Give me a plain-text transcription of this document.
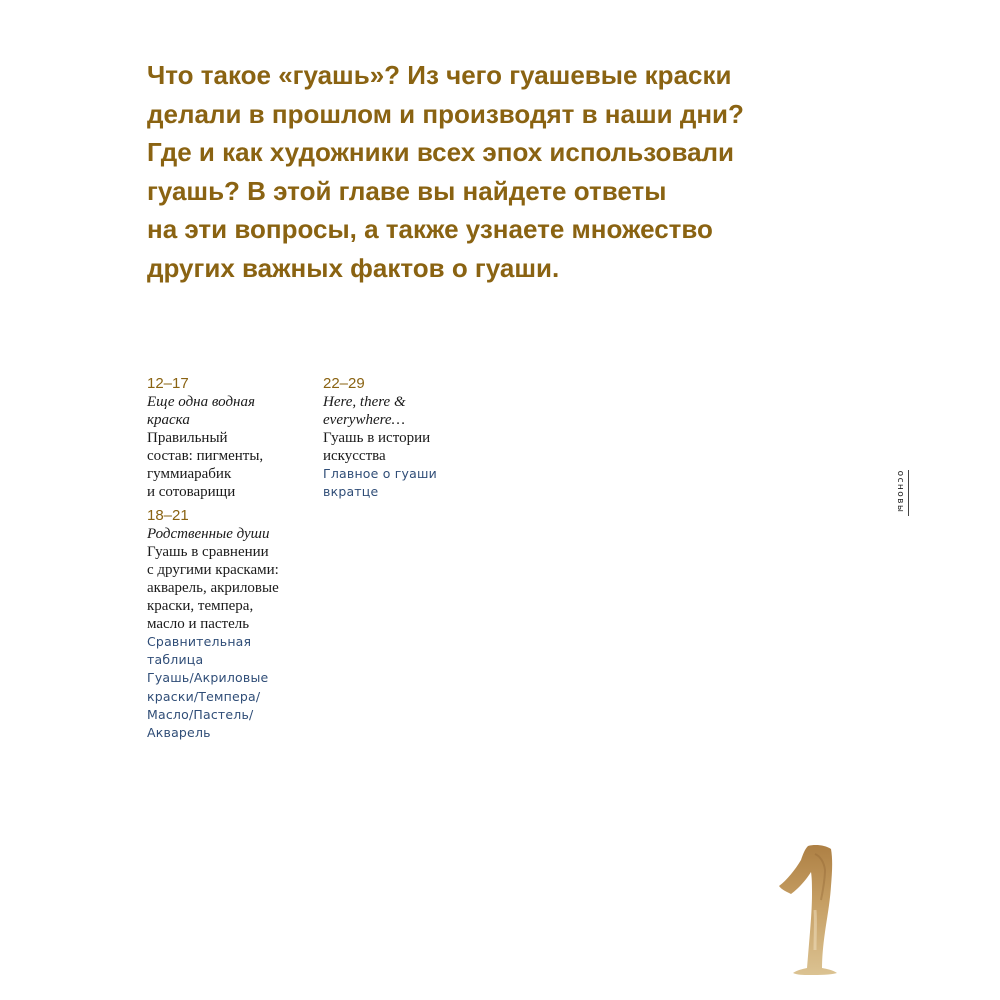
Что такое «гуашь»? Из чего гуашевые краски
делали в прошлом и производят в наши дни?
Где и как художники всех эпох использовали
гуашь? В этой главе вы найдете ответы
на эти вопросы, а также узнаете множество
других важных фактов о гуаши.
12–17
Еще одна водная
краска
Правильный
состав: пигменты,
гуммиарабик
и сотоварищи
18–21
Родственные души
Гуашь в сравнении
с другими красками:
акварель, акриловые
краски, темпера,
масло и пастель
Сравнительная
таблица
Гуашь/Акриловые
краски/Темпера/
Масло/Пастель/
Акварель
22–29
Here, there &
everywhere…
Гуашь в истории
искусства
Главное о гуаши
вкратце	основы
